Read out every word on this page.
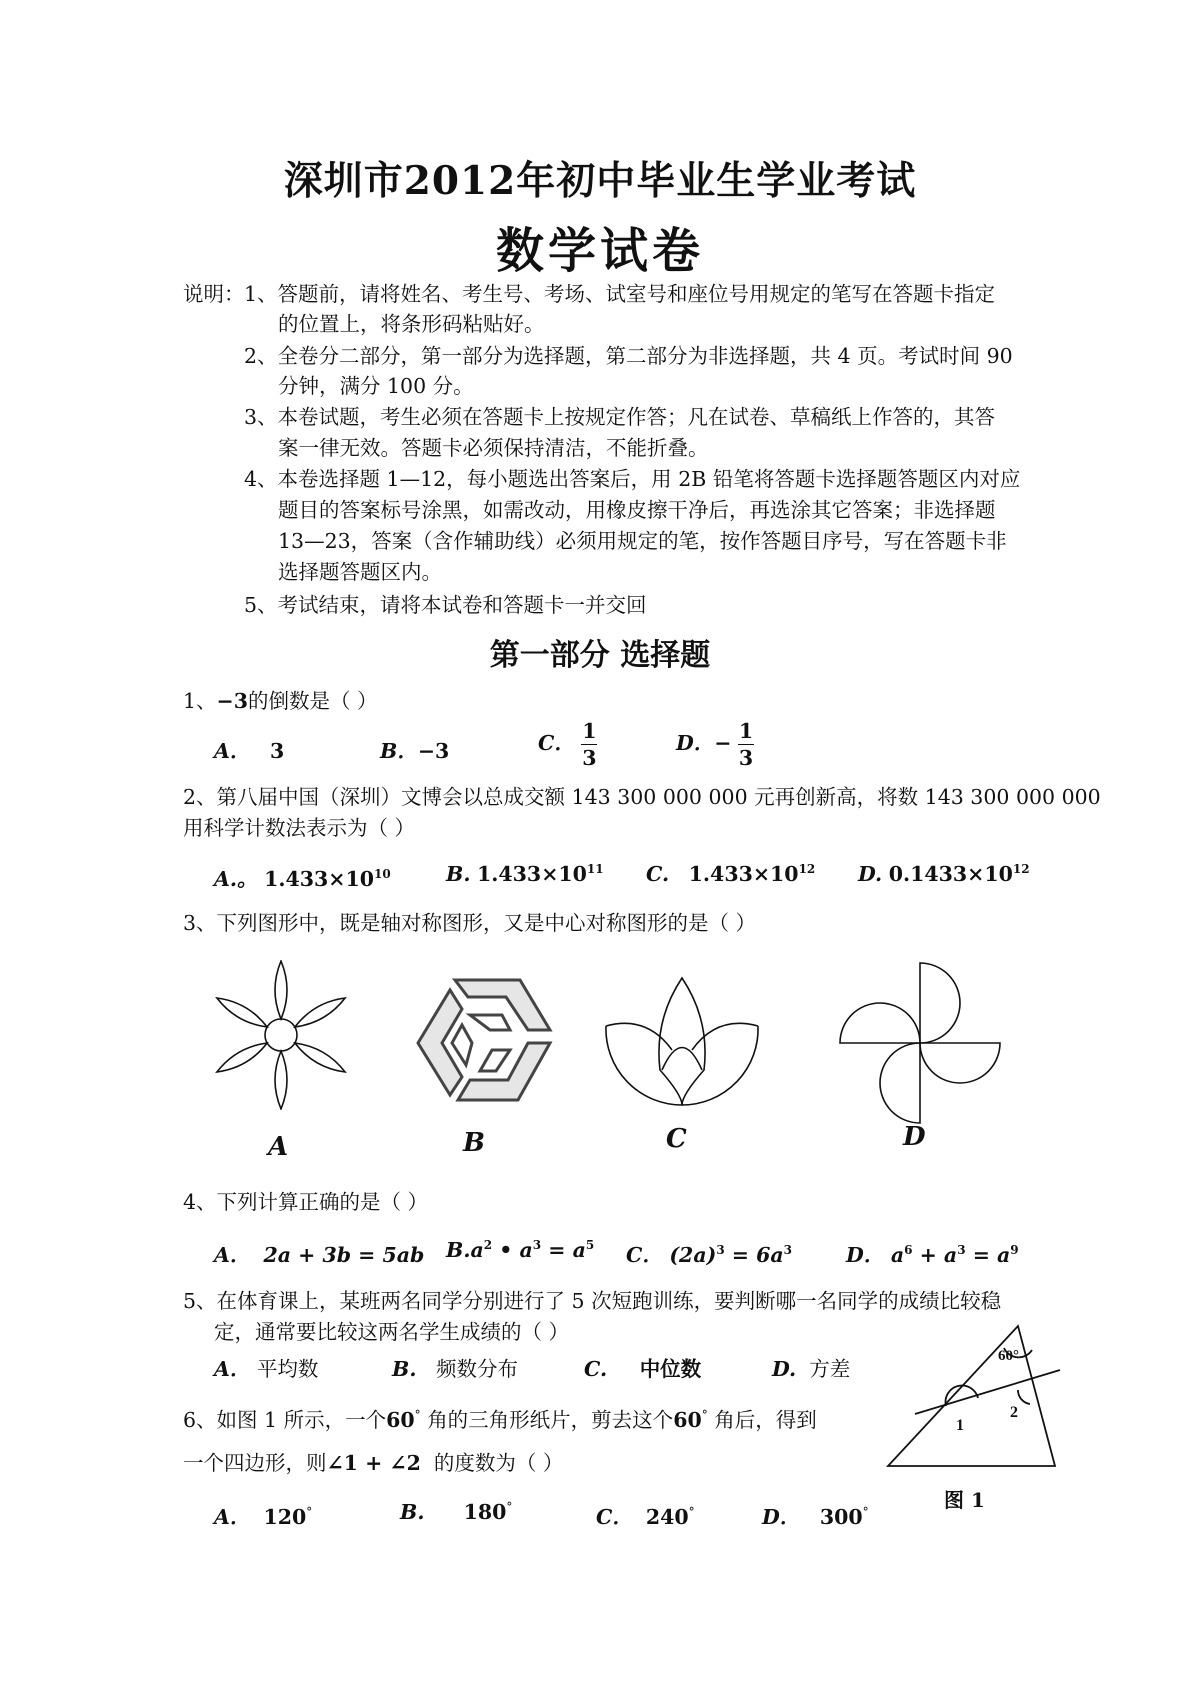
深圳市2012年初中毕业生学业考试
数学试卷
说明： 1、答题前，请将姓名、考生号、考场、试室号和座位号用规定的笔写在答题卡指定
的位置上，将条形码粘贴好。
2、全卷分二部分，第一部分为选择题，第二部分为非选择题，共 4 页。考试时间 90
分钟，满分 100 分。
3、本卷试题，考生必须在答题卡上按规定作答；凡在试卷、草稿纸上作答的，其答
案一律无效。答题卡必须保持清洁，不能折叠。
4、本卷选择题 1—12，每小题选出答案后，用 2B 铅笔将答题卡选择题答题区内对应
题目的答案标号涂黑，如需改动，用橡皮擦干净后，再选涂其它答案；非选择题
13—23，答案（含作辅助线）必须用规定的笔，按作答题目序号，写在答题卡非
选择题答题区内。
5、考试结束，请将本试卷和答题卡一并交回
第一部分 选择题
1、−3的倒数是（ ）
A． 3	B．−3	C． $\frac{1}{3}$	D．− $\frac{1}{3}$
2、第八届中国（深圳）文博会以总成交额 143 300 000 000 元再创新高，将数 143 300 000 000
用科学计数法表示为（ ）
A.。 $1.433\times 10^{10}$	B. $1.433\times 10^{11}$ C. $1.433\times 10^{12}$ D. $0.1433\times 10^{12}$
3、下列图形中，既是轴对称图形，又是中心对称图形的是（ ）
A	B	C	D
4、下列计算正确的是（ ）
A． 2a + 3b = 5ab $B.a^2$ • $a^3 = a^5$ C． $(2a)^3 = 6a^3$	D． $a^6 + a^3 = a^9$
5、在体育课上，某班两名同学分别进行了 5 次短跑训练，要判断哪一名同学的成绩比较稳
定，通常要比较这两名学生成绩的（ ）
A． 平均数	B. 频数分布	C. 中位数	D. 方差
6、如图 1 所示，一个60° 角的三角形纸片，剪去这个60° 角后，得到
一个四边形，则∠1 + ∠2 的度数为（ ）
A． 120°	B. 180°	C． 240°	D． 300°
60°
1
2
图 1
